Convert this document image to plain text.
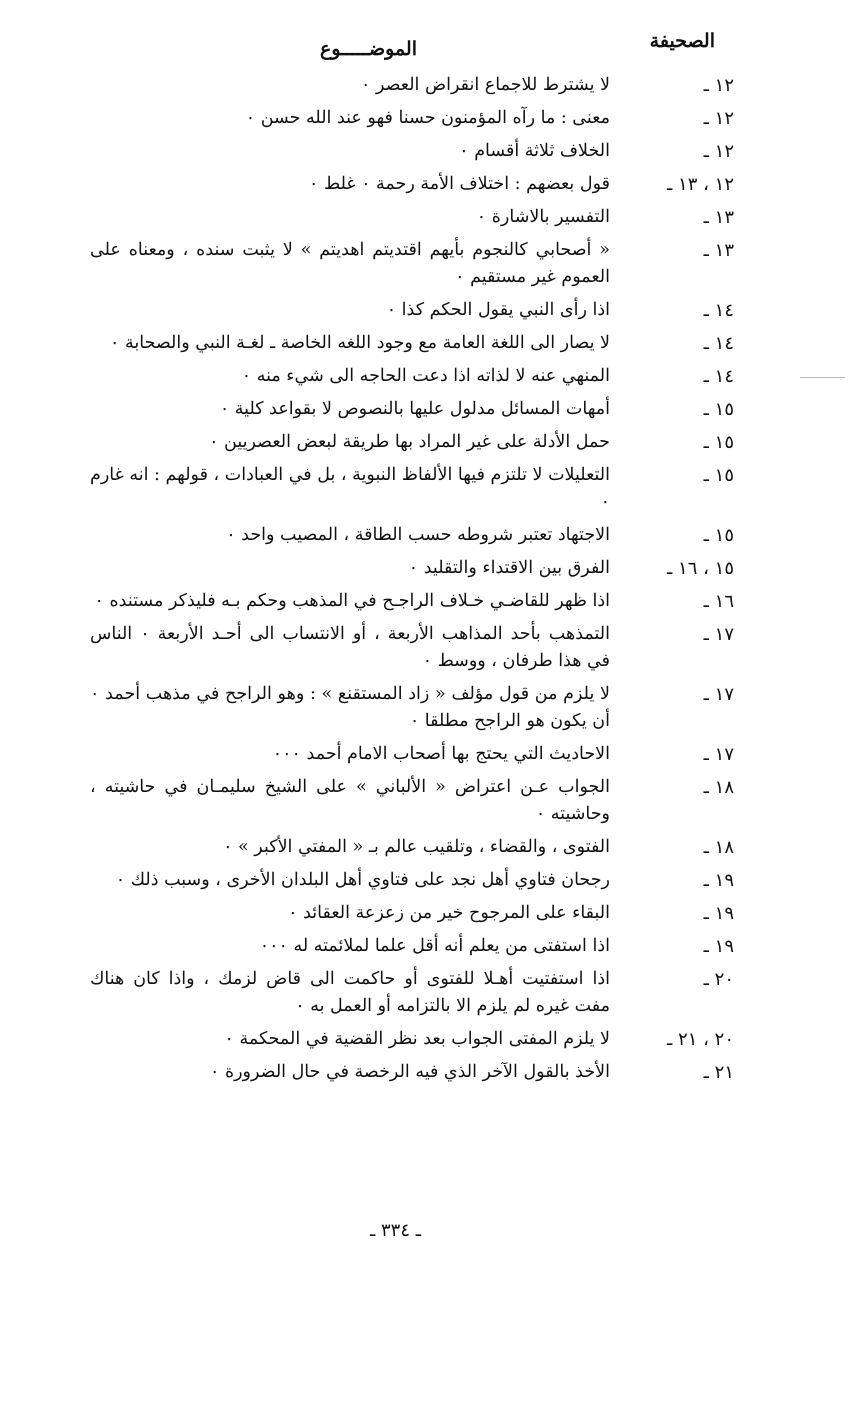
الصحيفة
الموضـــــوع
١٢ ـ
لا يشترط للاجماع انقراض العصر ٠
١٢ ـ
معنى : ما رآه المؤمنون حسنا فهو عند الله حسن ٠
١٢ ـ
الخلاف ثلاثة أقسام ٠
١٢ ، ١٣ ـ
قول بعضهم : اختلاف الأمة رحمة ٠ غلط ٠
١٣ ـ
التفسير بالاشارة ٠
١٣ ـ
« أصحابي كالنجوم بأيهم اقتديتم اهديتم » لا يثبت سنده ، ومعناه على العموم غير مستقيم ٠
١٤ ـ
اذا رأى النبي يقول الحكم كذا ٠
١٤ ـ
لا يصار الى اللغة العامة مع وجود اللغه الخاصة ـ لغـة النبي والصحابة ٠
١٤ ـ
المنهي عنه لا لذاته اذا دعت الحاجه الى شيء منه ٠
١٥ ـ
أمهات المسائل مدلول عليها بالنصوص لا بقواعد كلية ٠
١٥ ـ
حمل الأدلة على غير المراد بها طريقة لبعض العصريين ٠
١٥ ـ
التعليلات لا تلتزم فيها الألفاظ النبوية ، بل في العبادات ، قولهم : انه غارم ٠
١٥ ـ
الاجتهاد تعتبر شروطه حسب الطاقة ، المصيب واحد ٠
١٥ ، ١٦ ـ
الفرق بين الاقتداء والتقليد ٠
١٦ ـ
اذا ظهر للقاضـي خـلاف الراجـح في المذهب وحكم بـه فليذكر مستنده ٠
١٧ ـ
التمذهب بأحد المذاهب الأربعة ، أو الانتساب الى أحـد الأربعة ٠ الناس في هذا طرفان ، ووسط ٠
١٧ ـ
لا يلزم من قول مؤلف « زاد المستقنع » : وهو الراجح في مذهب أحمد ٠ أن يكون هو الراجح مطلقا ٠
١٧ ـ
الاحاديث التي يحتج بها أصحاب الامام أحمد ٠٠٠
١٨ ـ
الجواب عـن اعتراض « الألباني » على الشيخ سليمـان في حاشيته ، وحاشيته ٠
١٨ ـ
الفتوى ، والقضاء ، وتلقيب عالم بـ « المفتي الأكبر » ٠
١٩ ـ
رجحان فتاوي أهل نجد على فتاوي أهل البلدان الأخرى ، وسبب ذلك ٠
١٩ ـ
البقاء على المرجوح خير من زعزعة العقائد ٠
١٩ ـ
اذا استفتى من يعلم أنه أقل علما لملائمته له ٠٠٠
٢٠ ـ
اذا استفتيت أهـلا للفتوى أو حاكمت الى قاض لزمك ، واذا كان هناك مفت غيره لم يلزم الا بالتزامه أو العمل به ٠
٢٠ ، ٢١ ـ
لا يلزم المفتى الجواب بعد نظر القضية في المحكمة ٠
٢١ ـ
الأخذ بالقول الآخر الذي فيه الرخصة في حال الضرورة ٠
ـ ٣٣٤ ـ
